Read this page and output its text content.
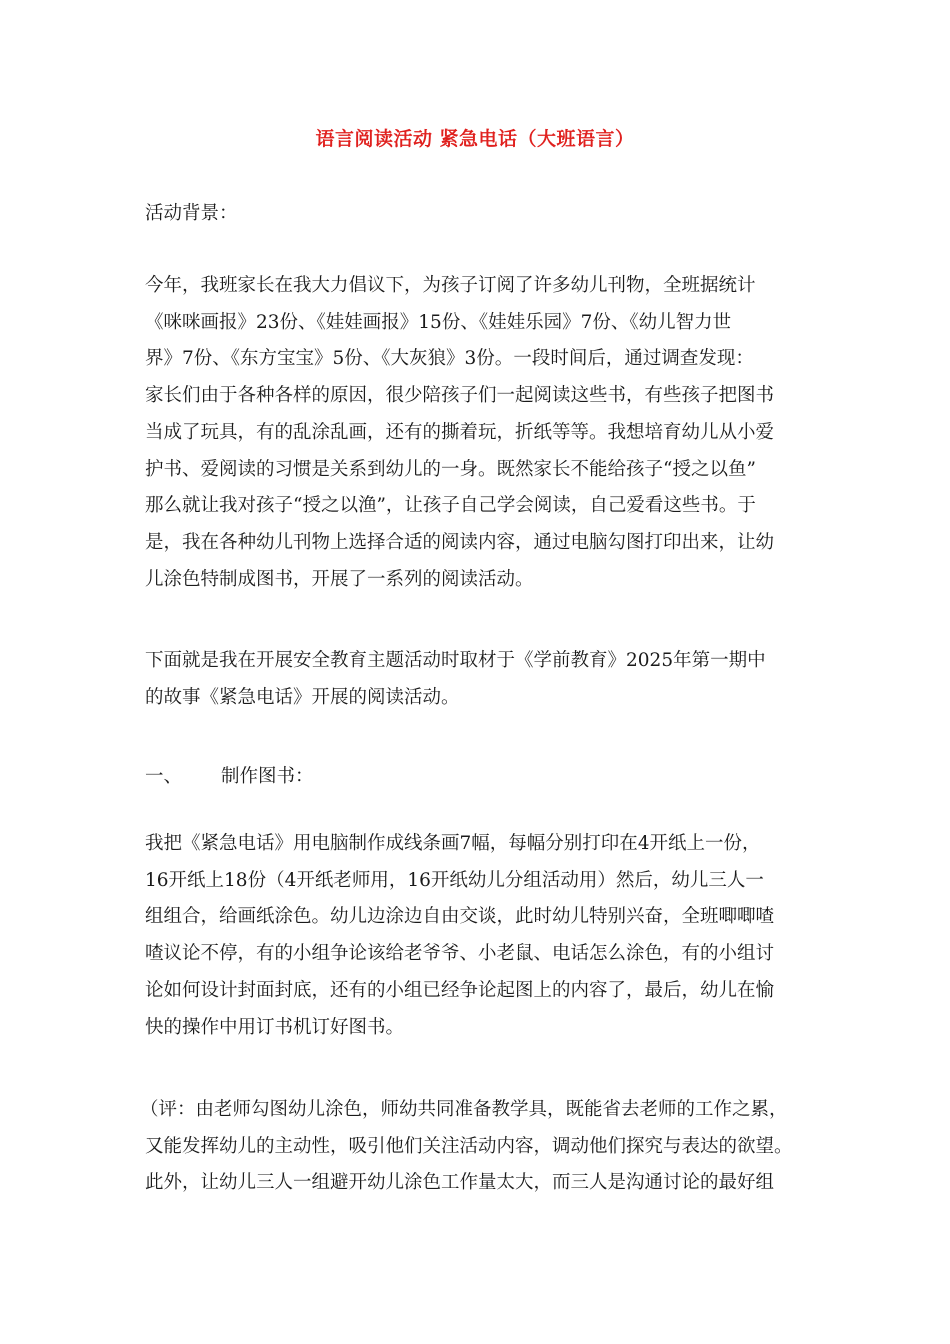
语言阅读活动 紧急电话（大班语言）

活动背景：

今年，我班家长在我大力倡议下，为孩子订阅了许多幼儿刊物，全班据统计
《咪咪画报》23份、《娃娃画报》15份、《娃娃乐园》7份、《幼儿智力世
界》7份、《东方宝宝》5份、《大灰狼》3份。一段时间后，通过调查发现：
家长们由于各种各样的原因，很少陪孩子们一起阅读这些书，有些孩子把图书
当成了玩具，有的乱涂乱画，还有的撕着玩，折纸等等。我想培育幼儿从小爱
护书、爱阅读的习惯是关系到幼儿的一身。既然家长不能给孩子“授之以鱼”
那么就让我对孩子“授之以渔”，让孩子自己学会阅读，自己爱看这些书。于
是，我在各种幼儿刊物上选择合适的阅读内容，通过电脑勾图打印出来，让幼
儿涂色特制成图书，开展了一系列的阅读活动。

下面就是我在开展安全教育主题活动时取材于《学前教育》2025年第一期中
的故事《紧急电话》开展的阅读活动。

一、 制作图书：

我把《紧急电话》用电脑制作成线条画7幅，每幅分别打印在4开纸上一份，
16开纸上18份（4开纸老师用，16开纸幼儿分组活动用）然后，幼儿三人一
组组合，给画纸涂色。幼儿边涂边自由交谈，此时幼儿特别兴奋，全班唧唧喳
喳议论不停，有的小组争论该给老爷爷、小老鼠、电话怎么涂色，有的小组讨
论如何设计封面封底，还有的小组已经争论起图上的内容了，最后，幼儿在愉
快的操作中用订书机订好图书。

（评：由老师勾图幼儿涂色，师幼共同准备教学具，既能省去老师的工作之累，
又能发挥幼儿的主动性，吸引他们关注活动内容，调动他们探究与表达的欲望。
此外，让幼儿三人一组避开幼儿涂色工作量太大，而三人是沟通讨论的最好组
